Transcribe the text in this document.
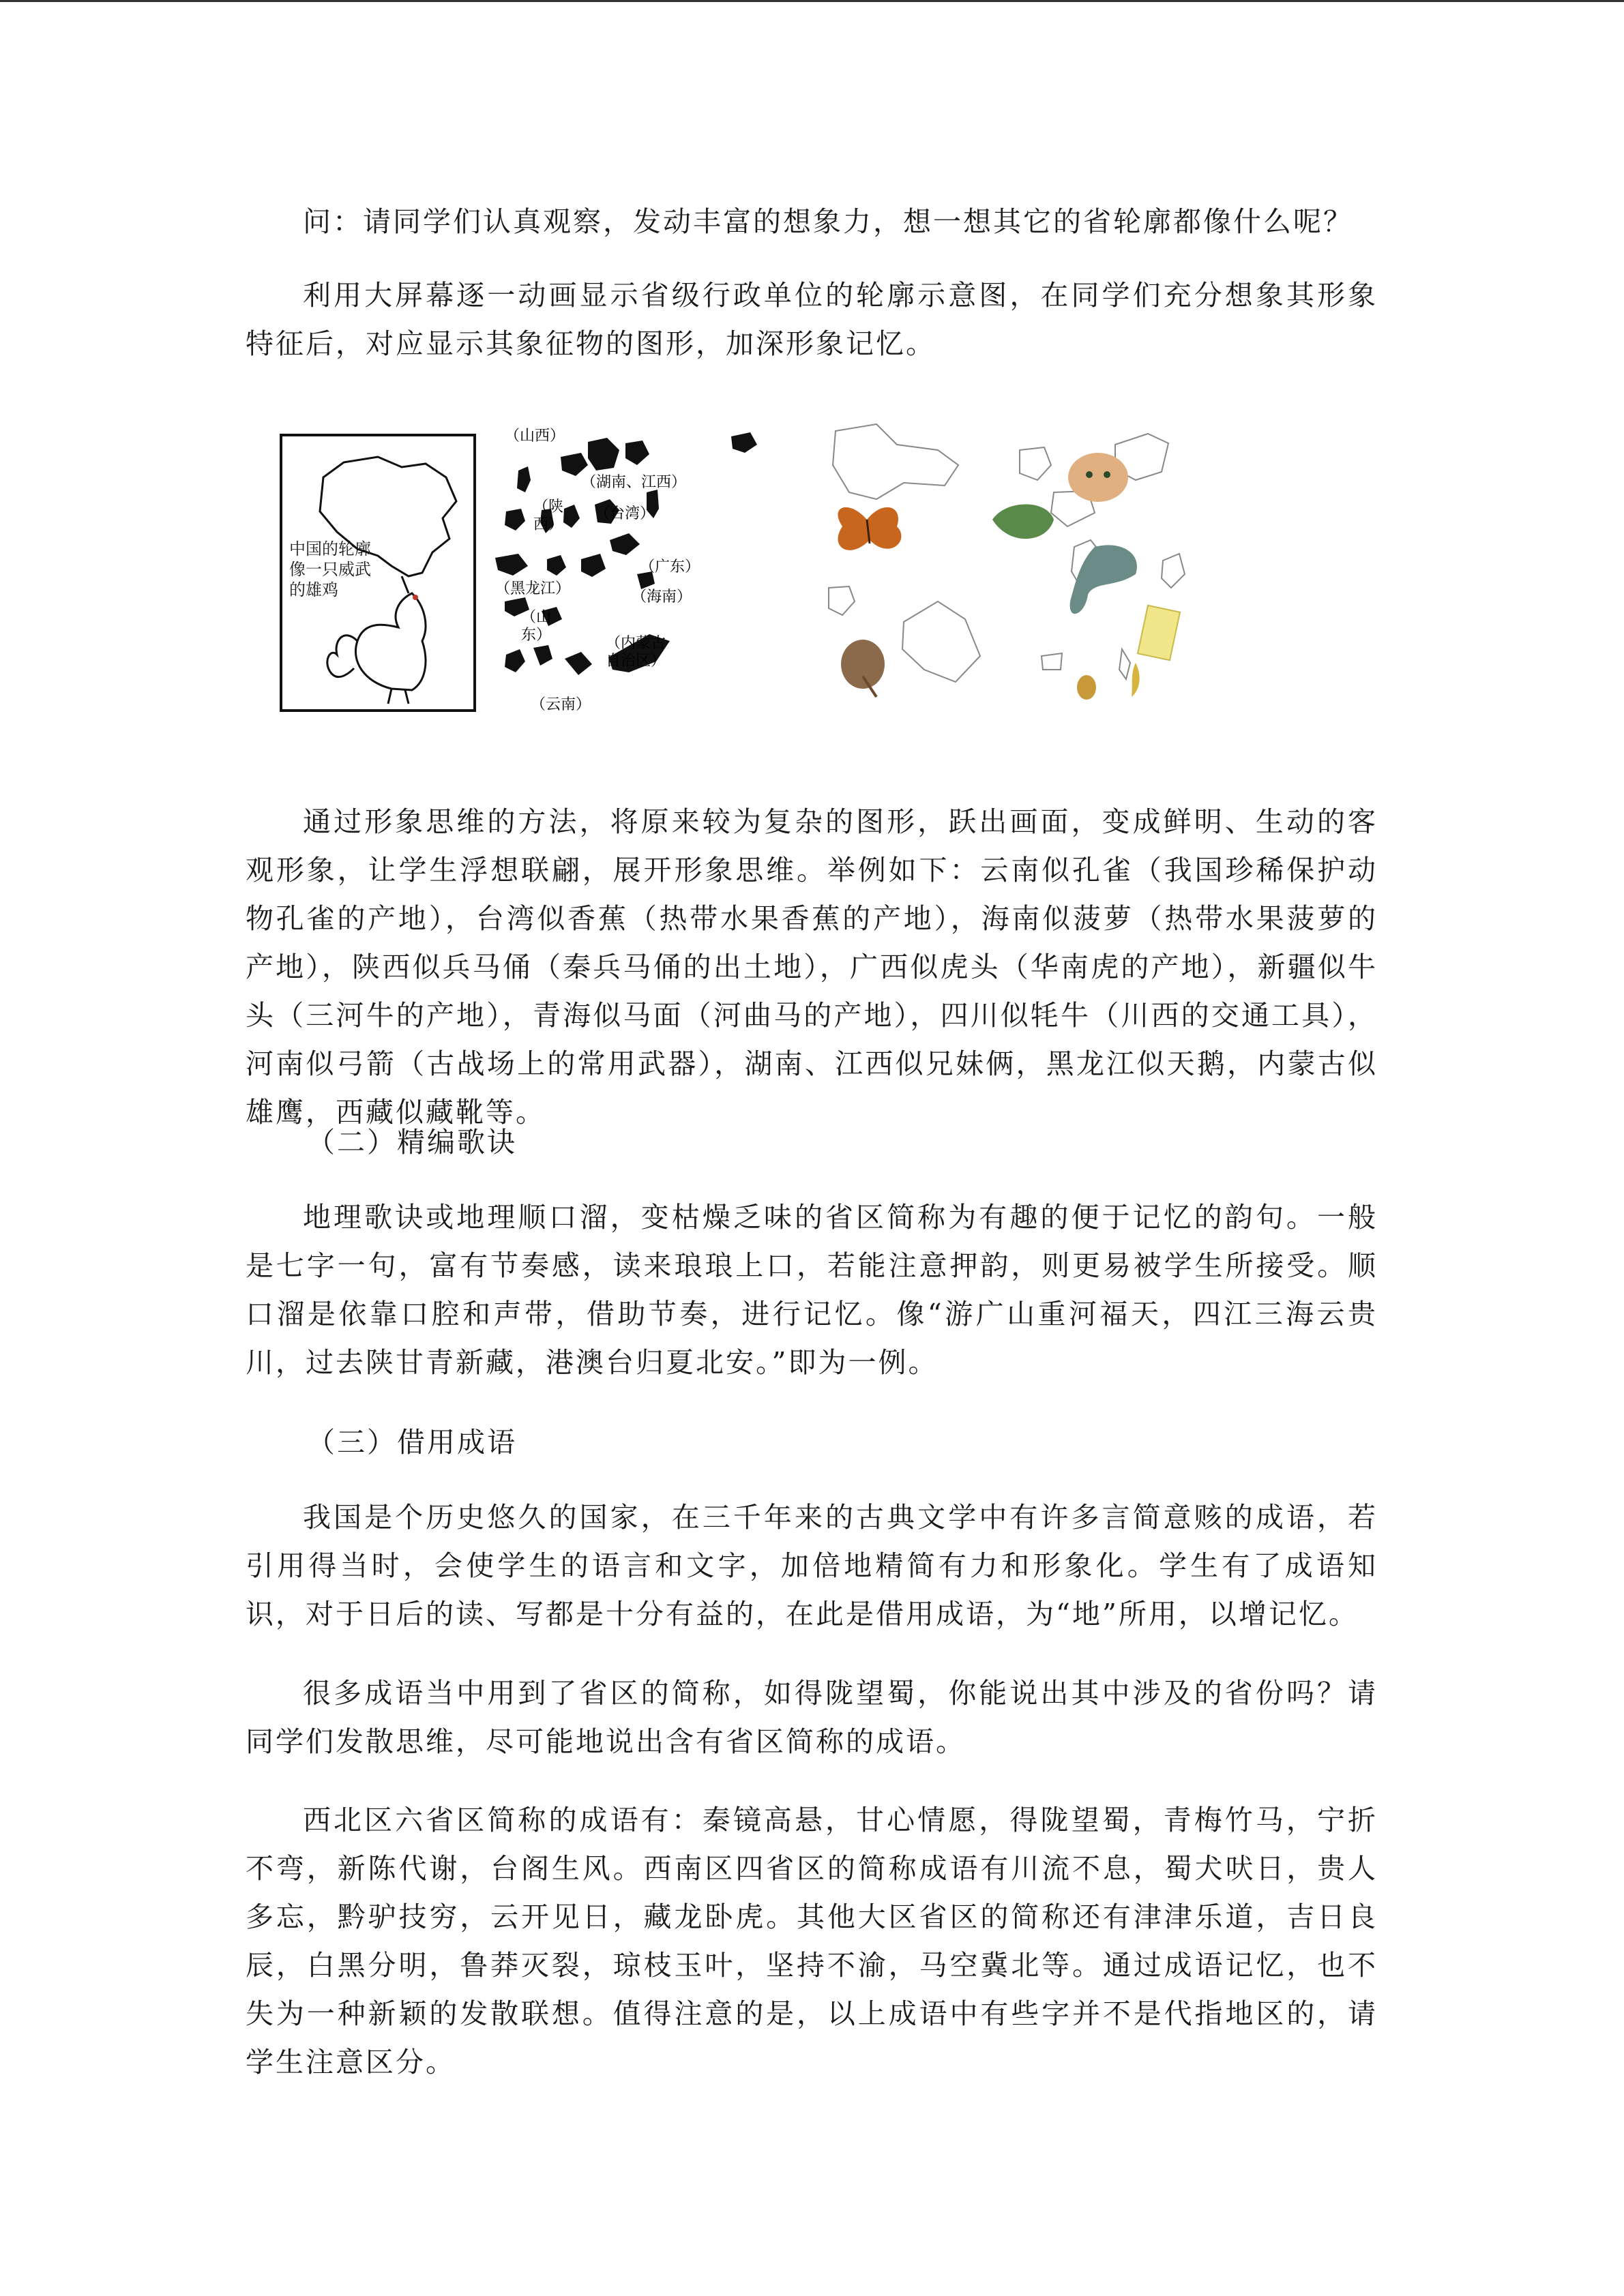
问：请同学们认真观察，发动丰富的想象力，想一想其它的省轮廓都像什么呢？

利用大屏幕逐一动画显示省级行政单位的轮廓示意图，在同学们充分想象其形象特征后，对应显示其象征物的图形，加深形象记忆。

中国的轮廓
像一只威武
的雄鸡
（山西）
（陕
西）
（湖南、江西）
（台湾）
（广东）
（黑龙江）
（山
东）
（海南）
（内蒙古
自治区）
（云南）

通过形象思维的方法，将原来较为复杂的图形，跃出画面，变成鲜明、生动的客观形象，让学生浮想联翩，展开形象思维。举例如下：云南似孔雀（我国珍稀保护动物孔雀的产地），台湾似香蕉（热带水果香蕉的产地），海南似菠萝（热带水果菠萝的产地），陕西似兵马俑（秦兵马俑的出土地），广西似虎头（华南虎的产地），新疆似牛头（三河牛的产地），青海似马面（河曲马的产地），四川似牦牛（川西的交通工具），河南似弓箭（古战场上的常用武器），湖南、江西似兄妹俩，黑龙江似天鹅，内蒙古似雄鹰，西藏似藏靴等。

（二）精编歌诀

地理歌诀或地理顺口溜，变枯燥乏味的省区简称为有趣的便于记忆的韵句。一般是七字一句，富有节奏感，读来琅琅上口，若能注意押韵，则更易被学生所接受。顺口溜是依靠口腔和声带，借助节奏，进行记忆。像“游广山重河福天，四江三海云贵川，过去陕甘青新藏，港澳台归夏北安。”即为一例。

（三）借用成语

我国是个历史悠久的国家，在三千年来的古典文学中有许多言简意赅的成语，若引用得当时，会使学生的语言和文字，加倍地精简有力和形象化。学生有了成语知识，对于日后的读、写都是十分有益的，在此是借用成语，为“地”所用，以增记忆。

很多成语当中用到了省区的简称，如得陇望蜀，你能说出其中涉及的省份吗？请同学们发散思维，尽可能地说出含有省区简称的成语。

西北区六省区简称的成语有：秦镜高悬，甘心情愿，得陇望蜀，青梅竹马，宁折不弯，新陈代谢，台阁生风。西南区四省区的简称成语有川流不息，蜀犬吠日，贵人多忘，黔驴技穷，云开见日，藏龙卧虎。其他大区省区的简称还有津津乐道，吉日良辰，白黑分明，鲁莽灭裂，琼枝玉叶，坚持不渝，马空冀北等。通过成语记忆，也不失为一种新颖的发散联想。值得注意的是，以上成语中有些字并不是代指地区的，请学生注意区分。
